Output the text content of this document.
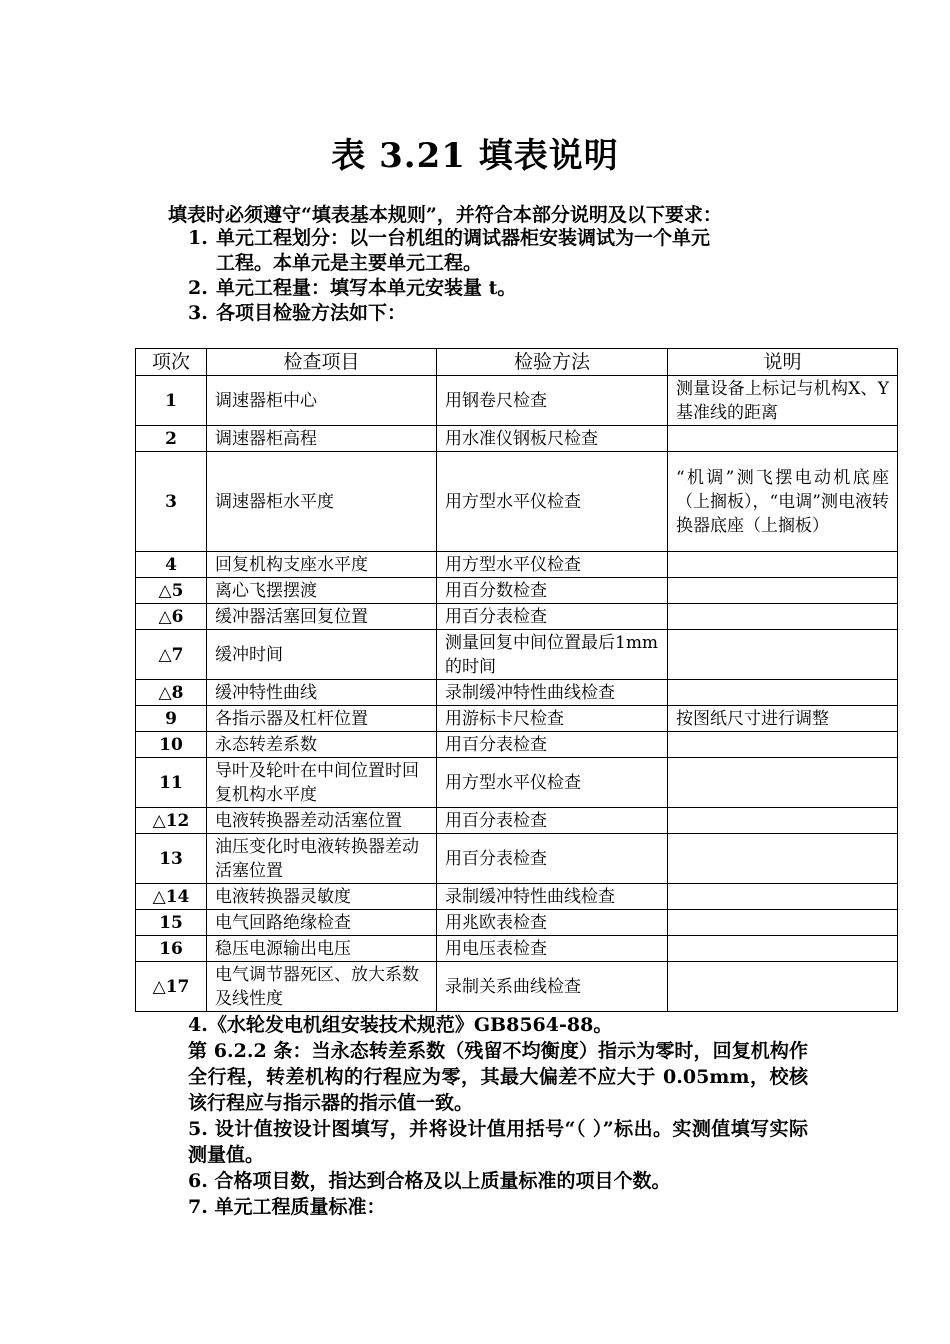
表 3.21 填表说明
填表时必须遵守“填表基本规则”，并符合本部分说明及以下要求：
1. 单元工程划分：以一台机组的调试器柜安装调试为一个单元
工程。本单元是主要单元工程。
2. 单元工程量：填写本单元安装量 t。
3. 各项目检验方法如下：
项次	检查项目	检验方法	说明
1	调速器柜中心	用钢卷尺检查	测量设备上标记与机构X、Y基准线的距离
2	调速器柜高程	用水准仪钢板尺检查	
3	调速器柜水平度	用方型水平仪检查	“机调”测飞摆电动机底座（上搁板），“电调”测电液转换器底座（上搁板）
4	回复机构支座水平度	用方型水平仪检查	
△5	离心飞摆摆渡	用百分数检查	
△6	缓冲器活塞回复位置	用百分表检查	
△7	缓冲时间	测量回复中间位置最后1mm的时间	
△8	缓冲特性曲线	录制缓冲特性曲线检查	
9	各指示器及杠杆位置	用游标卡尺检查	按图纸尺寸进行调整
10	永态转差系数	用百分表检查	
11	导叶及轮叶在中间位置时回复机构水平度	用方型水平仪检查	
△12	电液转换器差动活塞位置	用百分表检查	
13	油压变化时电液转换器差动活塞位置	用百分表检查	
△14	电液转换器灵敏度	录制缓冲特性曲线检查	
15	电气回路绝缘检查	用兆欧表检查	
16	稳压电源输出电压	用电压表检查	
△17	电气调节器死区、放大系数及线性度	录制关系曲线检查	

4.《水轮发电机组安装技术规范》GB8564-88。

第 6.2.2 条：当永态转差系数（残留不均衡度）指示为零时，回复机构作全行程，转差机构的行程应为零，其最大偏差不应大于 0.05mm，校核该行程应与指示器的指示值一致。

5. 设计值按设计图填写，并将设计值用括号“（ ）”标出。实测值填写实际测量值。

6. 合格项目数，指达到合格及以上质量标准的项目个数。

7. 单元工程质量标准：
